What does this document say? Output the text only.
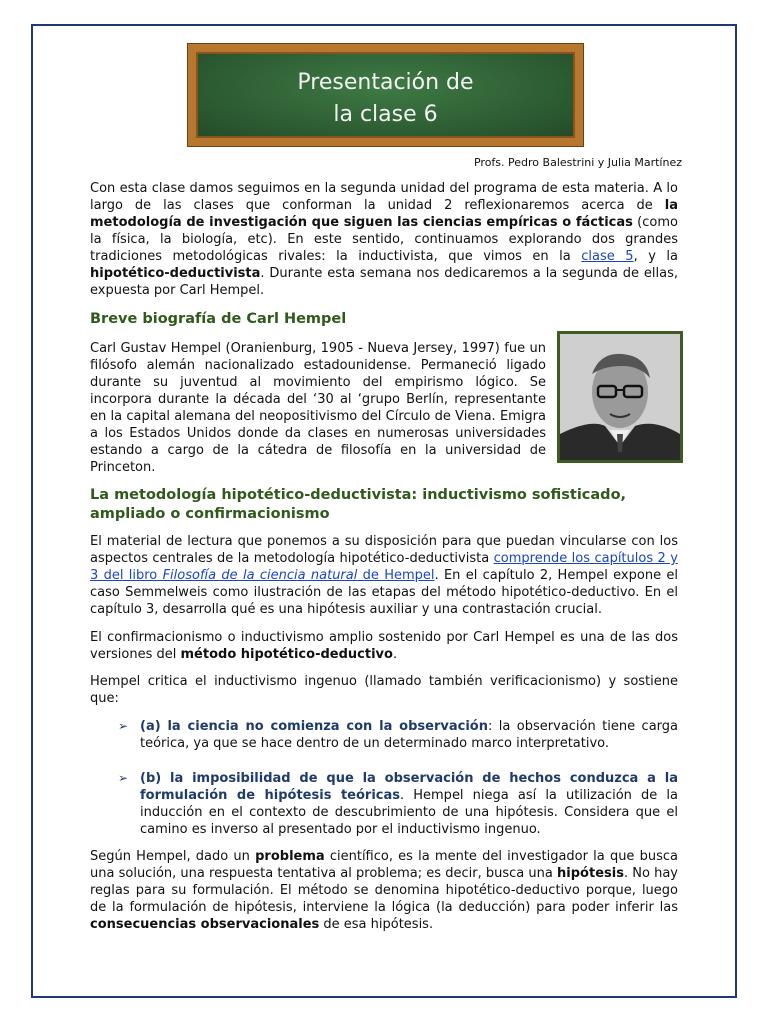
Presentación de
la clase 6
Profs. Pedro Balestrini y Julia Martínez

Con esta clase damos seguimos en la segunda unidad del programa de esta materia. A lo largo de las clases que conforman la unidad 2 reflexionaremos acerca de la metodología de investigación que siguen las ciencias empíricas o fácticas (como la física, la biología, etc). En este sentido, continuamos explorando dos grandes tradiciones metodológicas rivales: la inductivista, que vimos en la clase 5, y la hipotético-deductivista. Durante esta semana nos dedicaremos a la segunda de ellas, expuesta por Carl Hempel.

Breve biografía de Carl Hempel

Carl Gustav Hempel (Oranienburg, 1905 - Nueva Jersey, 1997) fue un filósofo alemán nacionalizado estadounidense. Permaneció ligado durante su juventud al movimiento del empirismo lógico. Se incorpora durante la década del ‘30 al ‘grupo Berlín, representante en la capital alemana del neopositivismo del Círculo de Viena. Emigra a los Estados Unidos donde da clases en numerosas universidades estando a cargo de la cátedra de filosofía en la universidad de Princeton.

La metodología hipotético-deductivista: inductivismo sofisticado, ampliado o confirmacionismo

El material de lectura que ponemos a su disposición para que puedan vincularse con los aspectos centrales de la metodología hipotético-deductivista comprende los capítulos 2 y 3 del libro Filosofía de la ciencia natural de Hempel. En el capítulo 2, Hempel expone el caso Semmelweis como ilustración de las etapas del método hipotético-deductivo. En el capítulo 3, desarrolla qué es una hipótesis auxiliar y una contrastación crucial.

El confirmacionismo o inductivismo amplio sostenido por Carl Hempel es una de las dos versiones del método hipotético-deductivo.

Hempel critica el inductivismo ingenuo (llamado también verificacionismo) y sostiene que:

➢ (a) la ciencia no comienza con la observación: la observación tiene carga teórica, ya que se hace dentro de un determinado marco interpretativo.

➢ (b) la imposibilidad de que la observación de hechos conduzca a la formulación de hipótesis teóricas. Hempel niega así la utilización de la inducción en el contexto de descubrimiento de una hipótesis. Considera que el camino es inverso al presentado por el inductivismo ingenuo.

Según Hempel, dado un problema científico, es la mente del investigador la que busca una solución, una respuesta tentativa al problema; es decir, busca una hipótesis. No hay reglas para su formulación. El método se denomina hipotético-deductivo porque, luego de la formulación de hipótesis, interviene la lógica (la deducción) para poder inferir las consecuencias observacionales de esa hipótesis.
